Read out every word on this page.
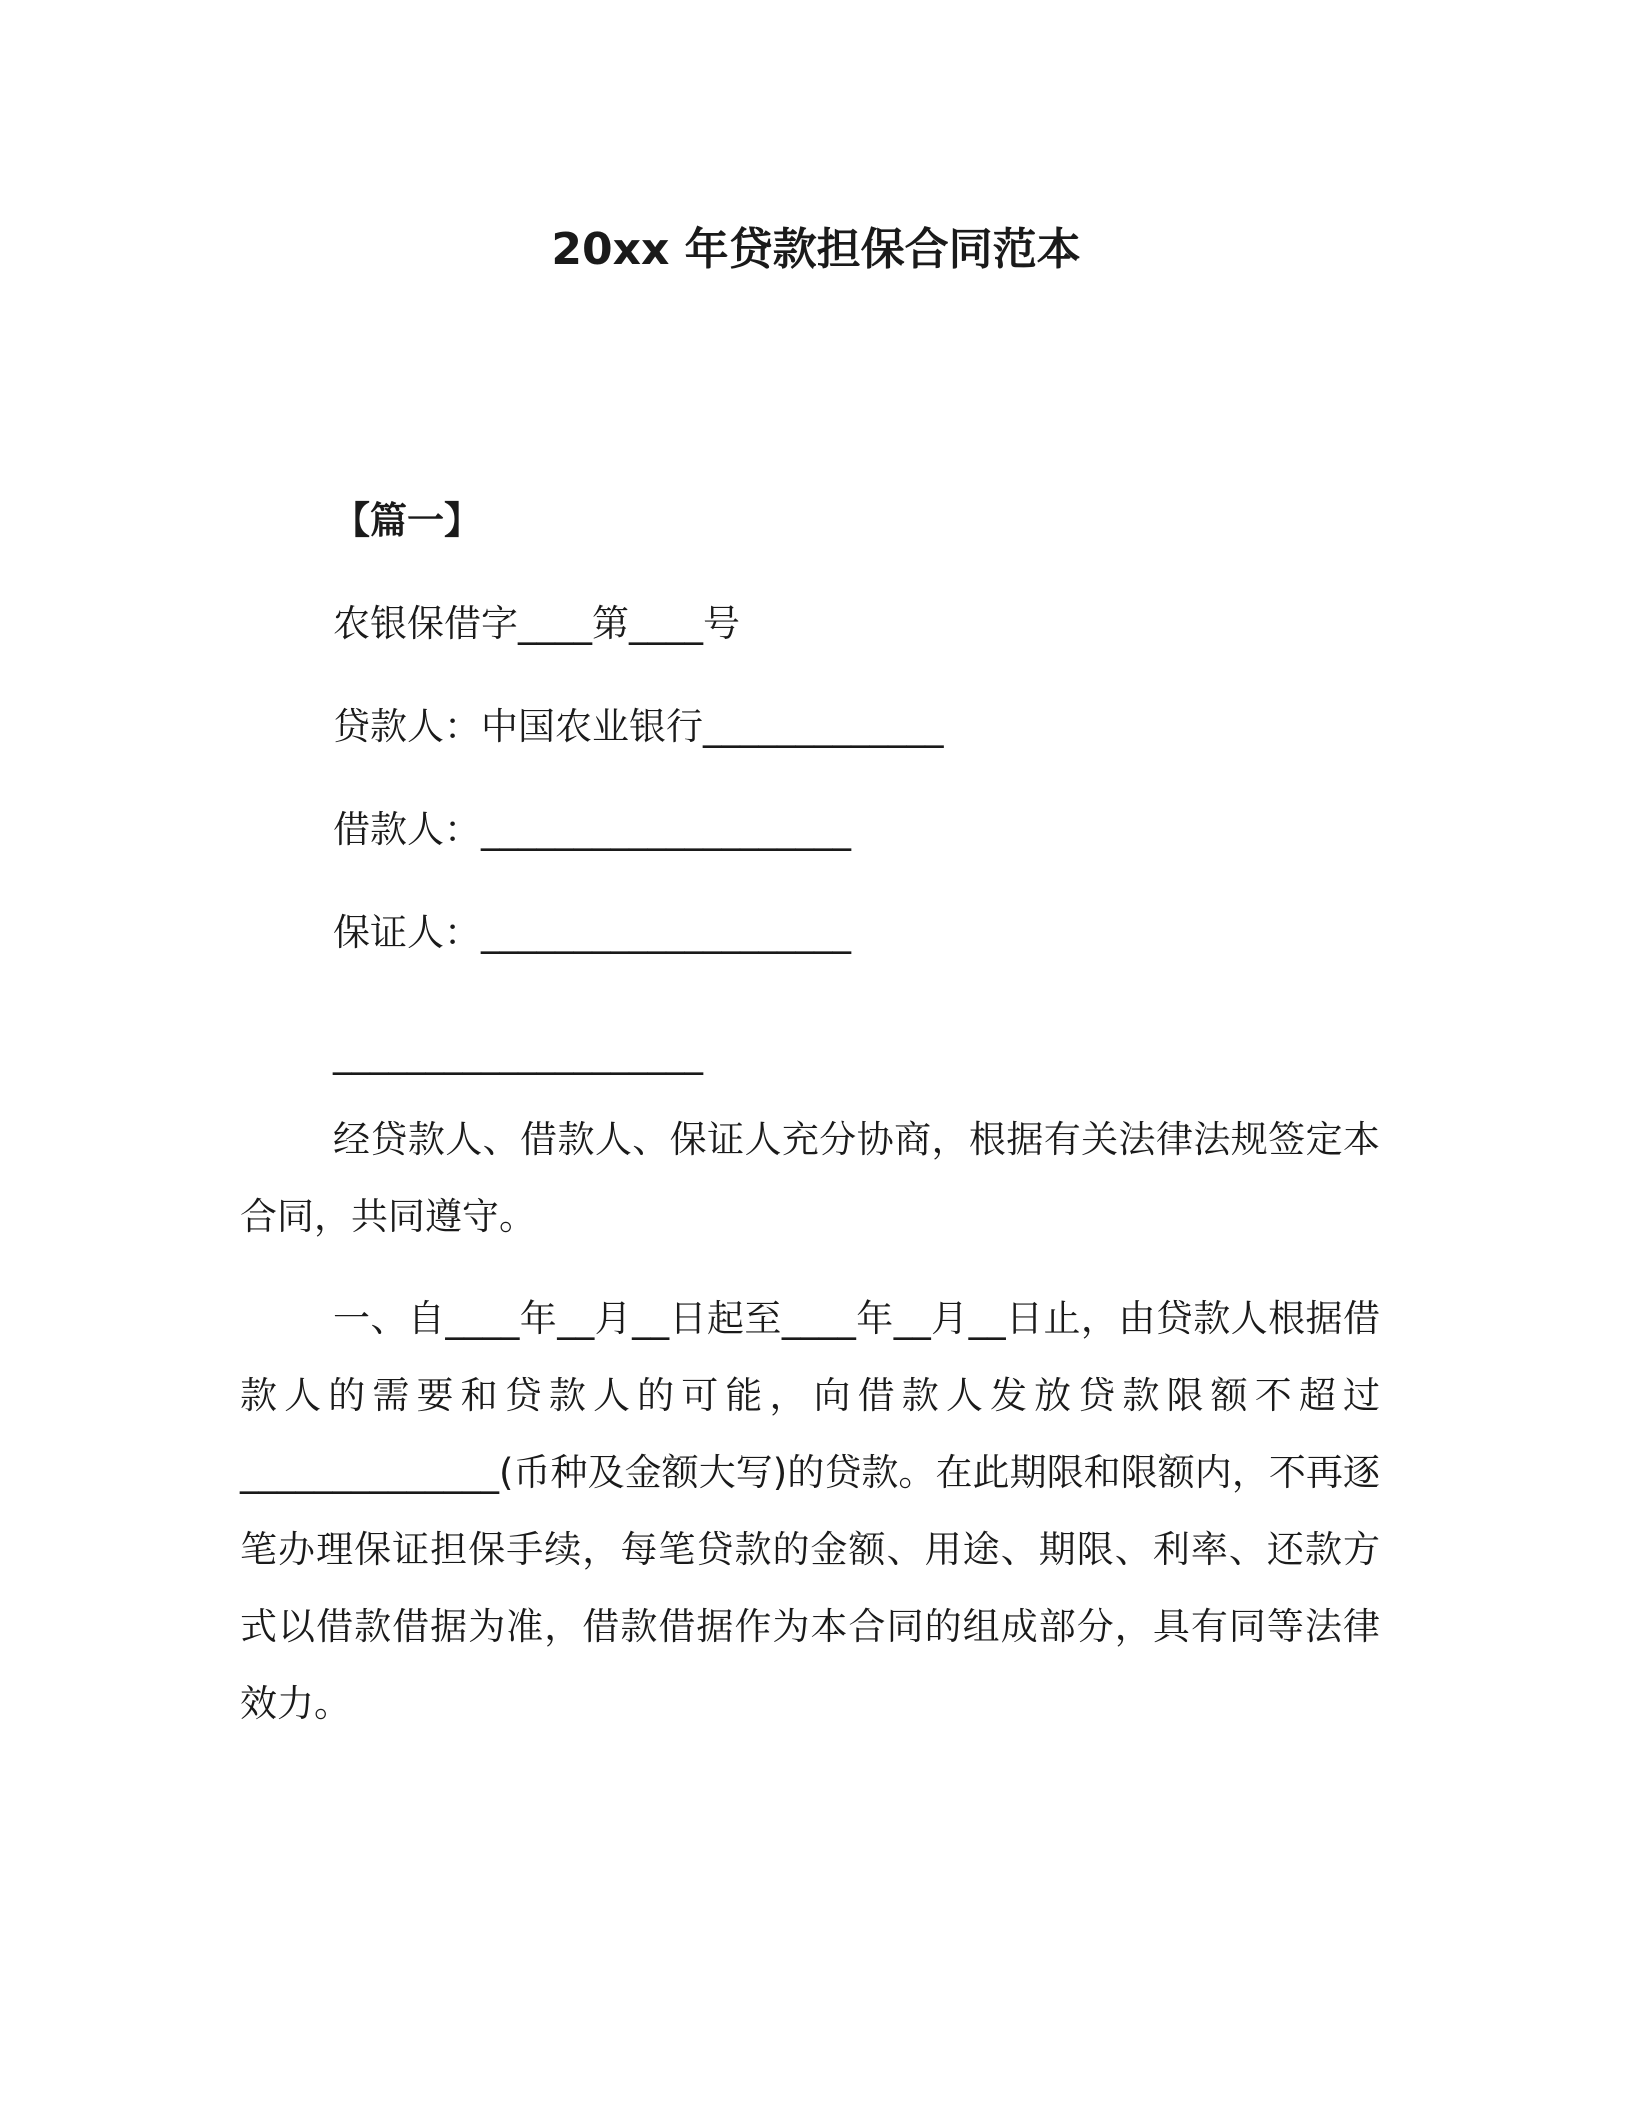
20xx 年贷款担保合同范本
【篇一】
农银保借字____第____号
贷款人：中国农业银行_____________
借款人：____________________
保证人：____________________
____________________
经贷款人、借款人、保证人充分协商，根据有关法律法规签定本合同，共同遵守。
一、自____年__月__日起至____年__月__日止，由贷款人根据借款人的需要和贷款人的可能，向借款人发放贷款限额不超过______________(币种及金额大写)的贷款。在此期限和限额内，不再逐笔办理保证担保手续，每笔贷款的金额、用途、期限、利率、还款方式以借款借据为准，借款借据作为本合同的组成部分，具有同等法律效力。
